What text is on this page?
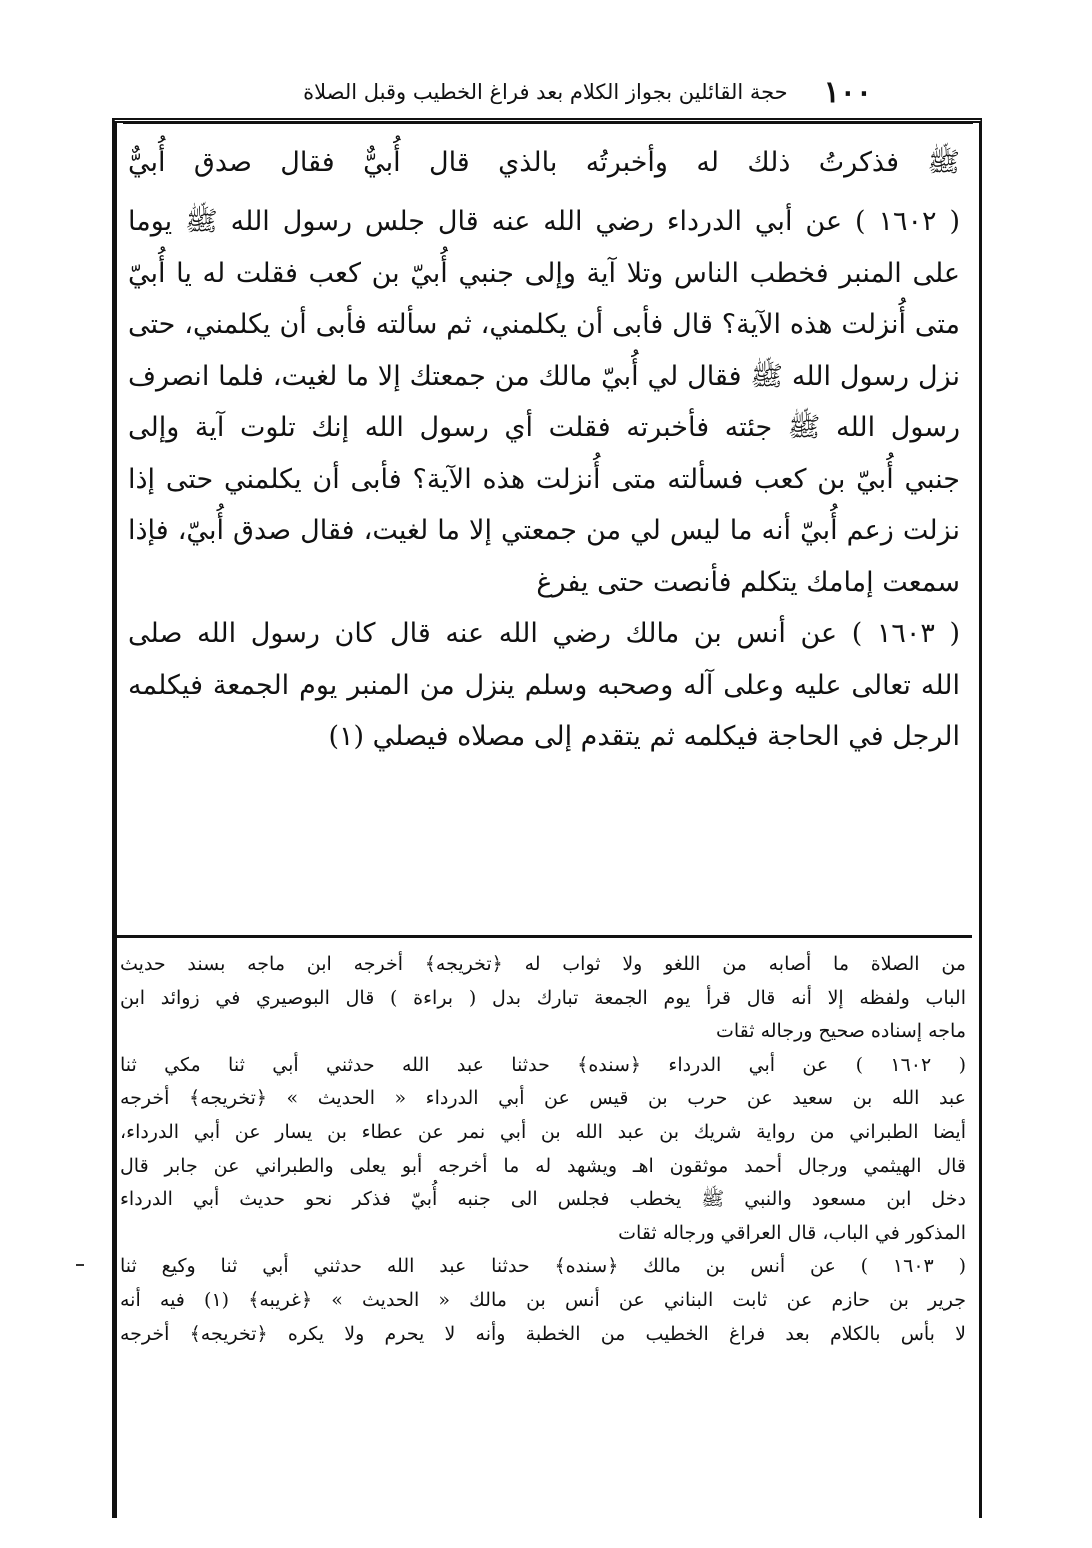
١٠٠
حجة القائلين بجواز الكلام بعد فراغ الخطيب وقبل الصلاة

ﷺ فذكرتُ ذلك له وأخبرتُه بالذي قال أُبيٌّ فقال صدق أُبيٌّ

( ١٦٠٢ ) عن أبي الدرداء رضي الله عنه قال جلس رسول الله ﷺ يوما

على المنبر فخطب الناس وتلا آية وإلى جنبي أُبيّ بن كعب فقلت له يا أُبيّ

متى أُنزلت هذه الآية؟ قال فأبى أن يكلمني، ثم سألته فأبى أن يكلمني، حتى

نزل رسول الله ﷺ فقال لي أُبيّ مالك من جمعتك إلا ما لغيت، فلما انصرف

رسول الله ﷺ جئته فأخبرته فقلت أي رسول الله إنك تلوت آية وإلى

جنبي أُبيّ بن كعب فسألته متى أُنزلت هذه الآية؟ فأبى أن يكلمني حتى إذا

نزلت زعم أُبيّ أنه ما ليس لي من جمعتي إلا ما لغيت، فقال صدق أُبيّ، فإذا

سمعت إمامك يتكلم فأنصت حتى يفرغ

( ١٦٠٣ ) عن أنس بن مالك رضي الله عنه قال كان رسول الله صلى

الله تعالى عليه وعلى آله وصحبه وسلم ينزل من المنبر يوم الجمعة فيكلمه

الرجل في الحاجة فيكلمه ثم يتقدم إلى مصلاه فيصلي (١)

من الصلاة ما أصابه من اللغو ولا ثواب له ﴿تخريجه﴾ أخرجه ابن ماجه بسند حديث

الباب ولفظه إلا أنه قال قرأ يوم الجمعة تبارك بدل ( براءة ) قال البوصيري في زوائد ابن

ماجه إسناده صحيح ورجاله ثقات

( ١٦٠٢ ) عن أبي الدرداء ﴿سنده﴾ حدثنا عبد الله حدثني أبي ثنا مكي ثنا

عبد الله بن سعيد عن حرب بن قيس عن أبي الدرداء « الحديث » ﴿تخريجه﴾ أخرجه

أيضا الطبراني من رواية شريك بن عبد الله بن أبي نمر عن عطاء بن يسار عن أبي الدرداء،

قال الهيثمي ورجال أحمد موثقون اهـ ويشهد له ما أخرجه أبو يعلى والطبراني عن جابر قال

دخل ابن مسعود والنبي ﷺ يخطب فجلس الى جنبه أُبيّ فذكر نحو حديث أبي الدرداء

المذكور في الباب، قال العراقي ورجاله ثقات

( ١٦٠٣ ) عن أنس بن مالك ﴿سنده﴾ حدثنا عبد الله حدثني أبي ثنا وكيع ثنا

جرير بن حازم عن ثابت البناني عن أنس بن مالك « الحديث » ﴿غريبه﴾ (١) فيه أنه

لا بأس بالكلام بعد فراغ الخطيب من الخطبة وأنه لا يحرم ولا يكره ﴿تخريجه﴾ أخرجه
